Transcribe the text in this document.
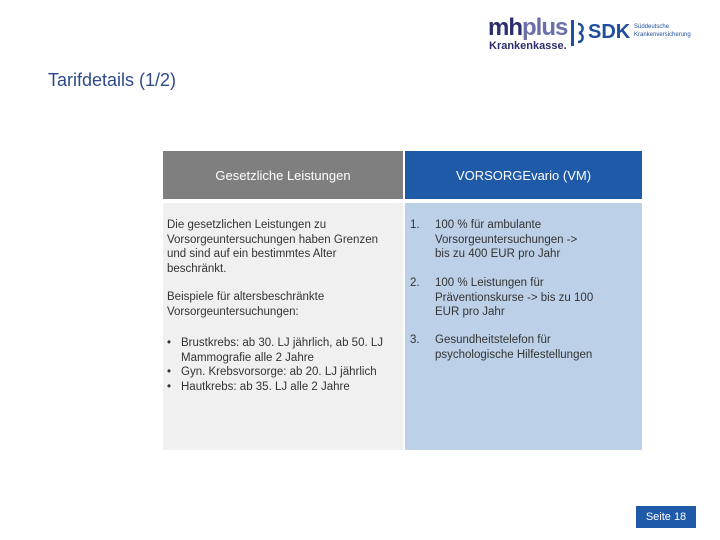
mhplus
Krankenkasse.
SDK Süddeutsche
Krankenversicherung
Tarifdetails (1/2)
Gesetzliche Leistungen	VORSORGEvario (VM)
Die gesetzlichen Leistungen zu Vorsorgeuntersuchungen haben Grenzen und sind auf ein bestimmtes Alter beschränkt.
Beispiele für altersbeschränkte Vorsorgeuntersuchungen:
• Brustkrebs: ab 30. LJ jährlich, ab 50. LJ Mammografie alle 2 Jahre
• Gyn. Krebsvorsorge: ab 20. LJ jährlich
• Hautkrebs: ab 35. LJ alle 2 Jahre
1. 100 % für ambulante Vorsorgeuntersuchungen -> bis zu 400 EUR pro Jahr
2. 100 % Leistungen für Präventionskurse -> bis zu 100 EUR pro Jahr
3. Gesundheitstelefon für psychologische Hilfestellungen
Seite 18
